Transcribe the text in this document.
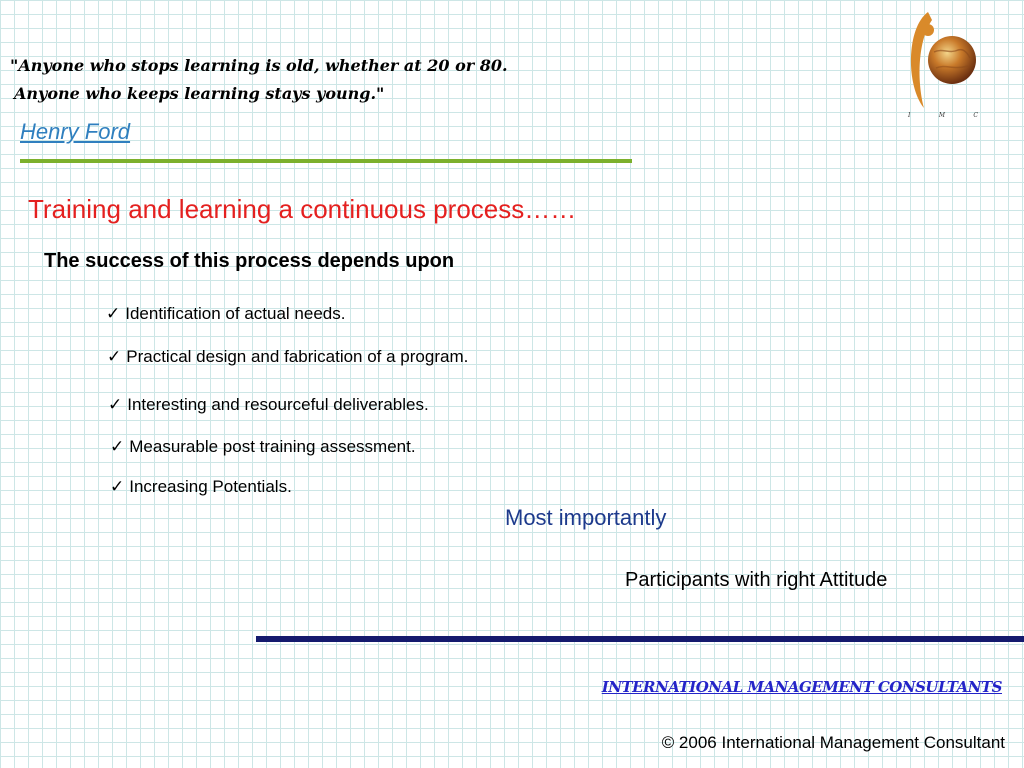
"Anyone who stops learning is old, whether at 20 or 80.
Anyone who keeps learning stays young."
Henry Ford
Training and learning a continuous process……
The success of this process depends upon
✓ Identification of actual needs.
✓ Practical design and fabrication of a program.
✓ Interesting and resourceful deliverables.
✓ Measurable post training assessment.
✓ Increasing Potentials.
Most importantly
Participants with right Attitude
INTERNATIONAL MANAGEMENT CONSULTANTS
© 2006 International Management Consultant
I	M	C
